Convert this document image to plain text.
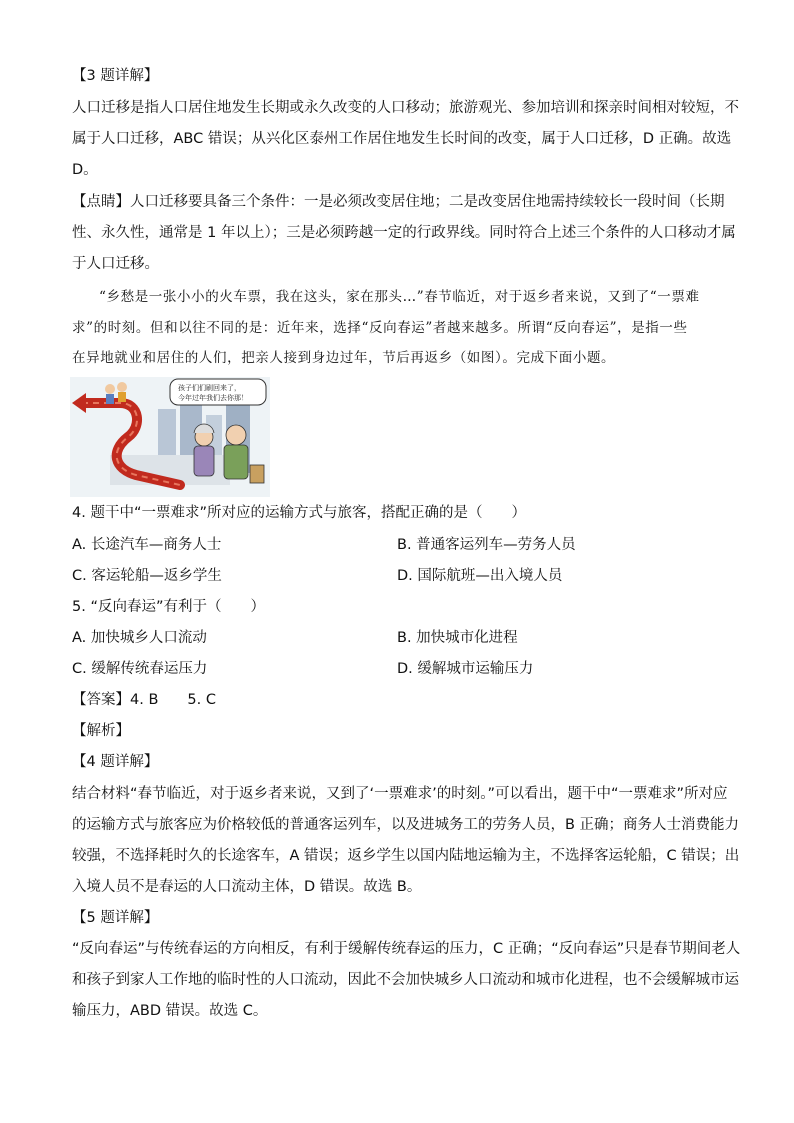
【3 题详解】
人口迁移是指人口居住地发生长期或永久改变的人口移动；旅游观光、参加培训和探亲时间相对较短，不
属于人口迁移，ABC 错误；从兴化区泰州工作居住地发生长时间的改变，属于人口迁移，D 正确。故选
D。
【点睛】人口迁移要具备三个条件：一是必须改变居住地；二是改变居住地需持续较长一段时间（长期
性、永久性，通常是 1 年以上）；三是必须跨越一定的行政界线。同时符合上述三个条件的人口移动才属
于人口迁移。
“乡愁是一张小小的火车票，我在这头，家在那头…”春节临近，对于返乡者来说，又到了“一票难
求”的时刻。但和以往不同的是：近年来，选择“反向春运”者越来越多。所谓“反向春运”，是指一些
在异地就业和居住的人们，把亲人接到身边过年，节后再返乡（如图）。完成下面小题。
孩子们们刷回来了，
今年过年我们去你那！
4. 题干中“一票难求”所对应的运输方式与旅客，搭配正确的是（　　）
A. 长途汽车—商务人士	B. 普通客运列车—劳务人员
C. 客运轮船—返乡学生	D. 国际航班—出入境人员
5. “反向春运”有利于（　　）
A. 加快城乡人口流动	B. 加快城市化进程
C. 缓解传统春运压力	D. 缓解城市运输压力
【答案】4. B　　5. C
【解析】
【4 题详解】
结合材料“春节临近，对于返乡者来说，又到了‘一票难求’的时刻。”可以看出，题干中“一票难求”所对应
的运输方式与旅客应为价格较低的普通客运列车，以及进城务工的劳务人员，B 正确；商务人士消费能力
较强，不选择耗时久的长途客车，A 错误；返乡学生以国内陆地运输为主，不选择客运轮船，C 错误；出
入境人员不是春运的人口流动主体，D 错误。故选 B。
【5 题详解】
“反向春运”与传统春运的方向相反，有利于缓解传统春运的压力，C 正确；“反向春运”只是春节期间老人
和孩子到家人工作地的临时性的人口流动，因此不会加快城乡人口流动和城市化进程，也不会缓解城市运
输压力，ABD 错误。故选 C。
